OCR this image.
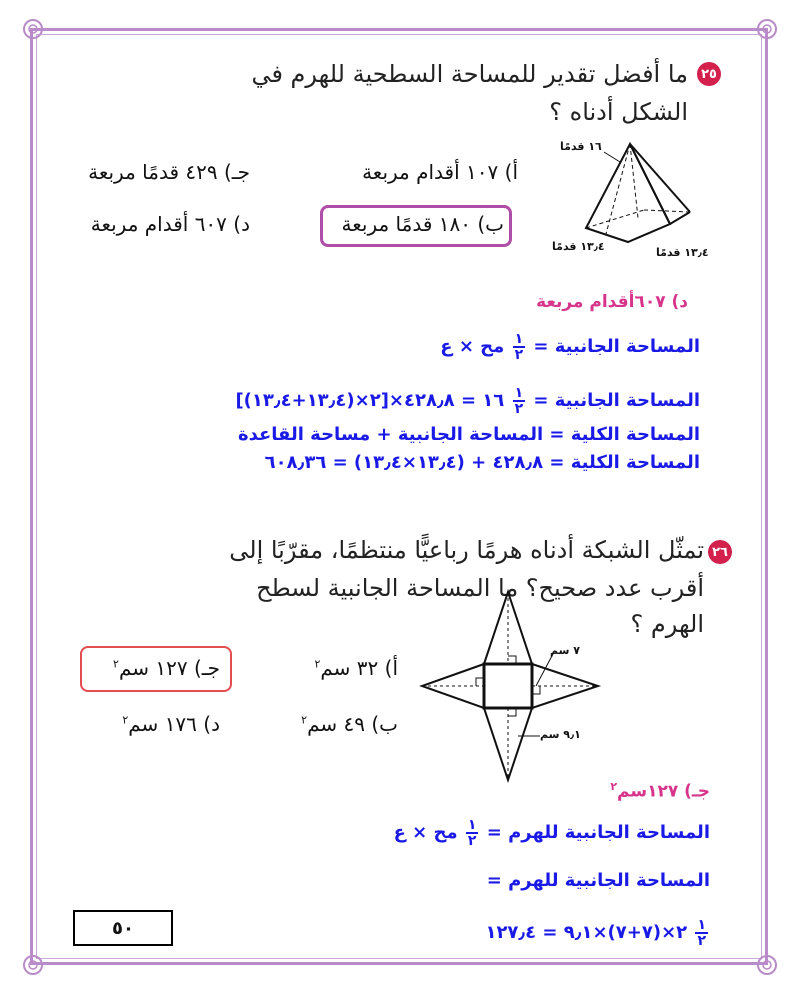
٢٥
ما أفضل تقدير للمساحة السطحية للهرم في
الشكل أدناه ؟
أ) ١٠٧ أقدام مربعة
جـ) ٤٢٩ قدمًا مربعة
ب) ١٨٠ قدمًا مربعة
د) ٦٠٧ أقدام مربعة
١٦ قدمًا
١٣٫٤ قدمًا	١٣٫٤ قدمًا
د) ٦٠٧أقدام مربعة
المساحة الجانبية =
$\frac{١}{٢}$
مح × ع
المساحة الجانبية =
$\frac{١}{٢}$
[٢×(١٣٫٤+١٣٫٤)]×١٦ = ٤٢٨٫٨
المساحة الكلية = المساحة الجانبية + مساحة القاعدة
المساحة الكلية = ٤٢٨٫٨ + (١٣٫٤×١٣٫٤) = ٦٠٨٫٣٦
٢٦
تمثّل الشبكة أدناه هرمًا رباعيًّا منتظمًا، مقرّبًا إلى
أقرب عدد صحيح؟ ما المساحة الجانبية لسطح
الهرم ؟
جـ) ١٢٧ سم$^٢$	أ) ٣٢ سم$^٢$
د) ١٧٦ سم$^٢$	ب) ٤٩ سم$^٢$
٧ سم
٩٫١ سم
جـ) ١٢٧سم$^٢$
المساحة الجانبية للهرم =
$\frac{١}{٢}$
مح × ع
المساحة الجانبية للهرم =
٢×(٧+٧)×٩٫١ = ١٢٧٫٤ $\frac{١}{٢}$
٥٠
